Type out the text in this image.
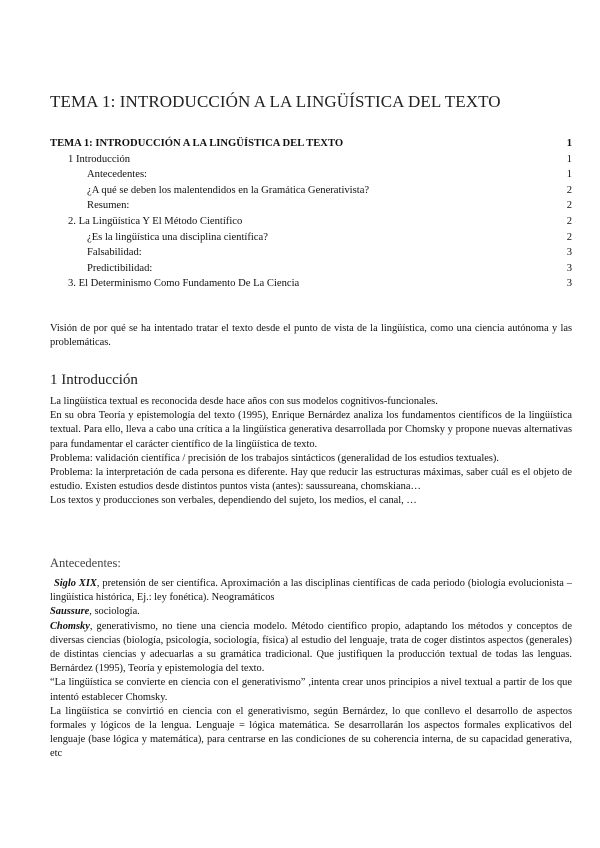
TEMA 1: INTRODUCCIÓN A LA LINGÜÍSTICA DEL TEXTO
TEMA 1: INTRODUCCIÓN A LA LINGÜÍSTICA DEL TEXTO	1
1 Introducción	1
Antecedentes:	1
¿A qué se deben los malentendidos en la Gramática Generativista?	2
Resumen:	2
2. La Lingüística Y El Método Científico	2
¿Es la lingüística una disciplina científica?	2
Falsabilidad:	3
Predictibilidad:	3
3. El Determinismo Como Fundamento De La Ciencia	3

Visión de por qué se ha intentado tratar el texto desde el punto de vista de la lingüística, como una ciencia autónoma y las problemáticas.

1 Introducción

La lingüística textual es reconocida desde hace años con sus modelos cognitivos-funcionales.

En su obra Teoría y epistemología del texto (1995), Enrique Bernárdez analiza los fundamentos científicos de la lingüística textual. Para ello, lleva a cabo una crítica a la lingüística generativa desarrollada por Chomsky y propone nuevas alternativas para fundamentar el carácter científico de la lingüística de texto.

Problema: validación científica / precisión de los trabajos sintácticos (generalidad de los estudios textuales).

Problema: la interpretación de cada persona es diferente. Hay que reducir las estructuras máximas, saber cuál es el objeto de estudio. Existen estudios desde distintos puntos vista (antes): saussureana, chomskiana…

Los textos y producciones son verbales, dependiendo del sujeto, los medios, el canal, …

Antecedentes:

Siglo XIX, pretensión de ser científica. Aproximación a las disciplinas científicas de cada periodo (biología evolucionista – lingüística histórica, Ej.: ley fonética). Neogramáticos

Saussure, sociología.

Chomsky, generativismo, no tiene una ciencia modelo. Método científico propio, adaptando los métodos y conceptos de diversas ciencias (biología, psicología, sociología, física) al estudio del lenguaje, trata de coger distintos aspectos (generales) de distintas ciencias y adecuarlas a su gramática tradicional. Que justifiquen la producción textual de todas las lenguas. Bernárdez (1995), Teoría y epistemología del texto.

“La lingüística se convierte en ciencia con el generativismo” ,intenta crear unos principios a nivel textual a partir de los que intentó establecer Chomsky.

La lingüística se convirtió en ciencia con el generativismo, según Bernárdez, lo que conllevo el desarrollo de aspectos formales y lógicos de la lengua. Lenguaje = lógica matemática. Se desarrollarán los aspectos formales explicativos del lenguaje (base lógica y matemática), para centrarse en las condiciones de su coherencia interna, de su capacidad generativa, etc
